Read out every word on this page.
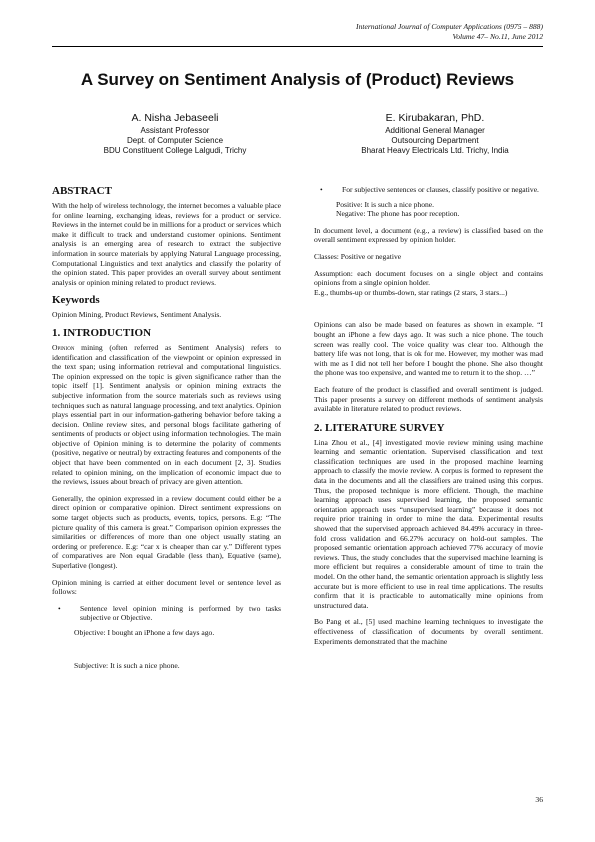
International Journal of Computer Applications (0975 – 888)
Volume 47– No.11, June 2012
A Survey on Sentiment Analysis of (Product) Reviews
A. Nisha Jebaseeli
Assistant Professor
Dept. of Computer Science
BDU Constituent College Lalgudi, Trichy
E. Kirubakaran, PhD.
Additional General Manager
Outsourcing Department
Bharat Heavy Electricals Ltd. Trichy, India
ABSTRACT

With the help of wireless technology, the internet becomes a valuable place for online learning, exchanging ideas, reviews for a product or service. Reviews in the internet could be in millions for a product or services which make it difficult to track and understand customer opinions. Sentiment analysis is an emerging area of research to extract the subjective information in source materials by applying Natural Language processing, Computational Linguistics and text analytics and classify the polarity of the opinion stated. This paper provides an overall survey about sentiment analysis or opinion mining related to product reviews.

Keywords

Opinion Mining, Product Reviews, Sentiment Analysis.

1. INTRODUCTION

Opinion mining (often referred as Sentiment Analysis) refers to identification and classification of the viewpoint or opinion expressed in the text span; using information retrieval and computational linguistics. The opinion expressed on the topic is given significance rather than the topic itself [1]. Sentiment analysis or opinion mining extracts the subjective information from the source materials such as reviews using techniques such as natural language processing, and text analytics. Opinion plays essential part in our information-gathering behavior before taking a decision. Online review sites, and personal blogs facilitate gathering of sentiments of products or object using information technologies. The main objective of Opinion mining is to determine the polarity of comments (positive, negative or neutral) by extracting features and components of the object that have been commented on in each document [2, 3]. Studies related to opinion mining, on the implication of economic impact due to the reviews, issues about breach of privacy are given attention.

Generally, the opinion expressed in a review document could either be a direct opinion or comparative opinion. Direct sentiment expressions on some target objects such as products, events, topics, persons. E.g: “The picture quality of this camera is great.” Comparison opinion expresses the similarities or differences of more than one object usually stating an ordering or preference. E.g: “car x is cheaper than car y.” Different types of comparatives are Non equal Gradable (less than), Equative (same), Superlative (longest).

Opinion mining is carried at either document level or sentence level as follows:

•	Sentence level opinion mining is performed by two tasks subjective or Objective.

Objective: I bought an iPhone a few days ago.

Subjective: It is such a nice phone.

•	For subjective sentences or clauses, classify positive or negative.
Positive: It is such a nice phone.
Negative: The phone has poor reception.

In document level, a document (e.g., a review) is classified based on the overall sentiment expressed by opinion holder.

Classes: Positive or negative

Assumption: each document focuses on a single object and contains opinions from a single opinion holder.
E.g., thumbs-up or thumbs-down, star ratings (2 stars, 3 stars...)

Opinions can also be made based on features as shown in example. “I bought an iPhone a few days ago. It was such a nice phone. The touch screen was really cool. The voice quality was clear too. Although the battery life was not long, that is ok for me. However, my mother was mad with me as I did not tell her before I bought the phone. She also thought the phone was too expensive, and wanted me to return it to the shop. …”

Each feature of the product is classified and overall sentiment is judged. This paper presents a survey on different methods of sentiment analysis available in literature related to product reviews.

2. LITERATURE SURVEY

Lina Zhou et al., [4] investigated movie review mining using machine learning and semantic orientation. Supervised classification and text classification techniques are used in the proposed machine learning approach to classify the movie review. A corpus is formed to represent the data in the documents and all the classifiers are trained using this corpus. Thus, the proposed technique is more efficient. Though, the machine learning approach uses supervised learning, the proposed semantic orientation approach uses “unsupervised learning” because it does not require prior training in order to mine the data. Experimental results showed that the supervised approach achieved 84.49% accuracy in three-fold cross validation and 66.27% accuracy on hold-out samples. The proposed semantic orientation approach achieved 77% accuracy of movie reviews. Thus, the study concludes that the supervised machine learning is more efficient but requires a considerable amount of time to train the model. On the other hand, the semantic orientation approach is slightly less accurate but is more efficient to use in real time applications. The results confirm that it is practicable to automatically mine opinions from unstructured data.

Bo Pang et al., [5] used machine learning techniques to investigate the effectiveness of classification of documents by overall sentiment. Experiments demonstrated that the machine

36
